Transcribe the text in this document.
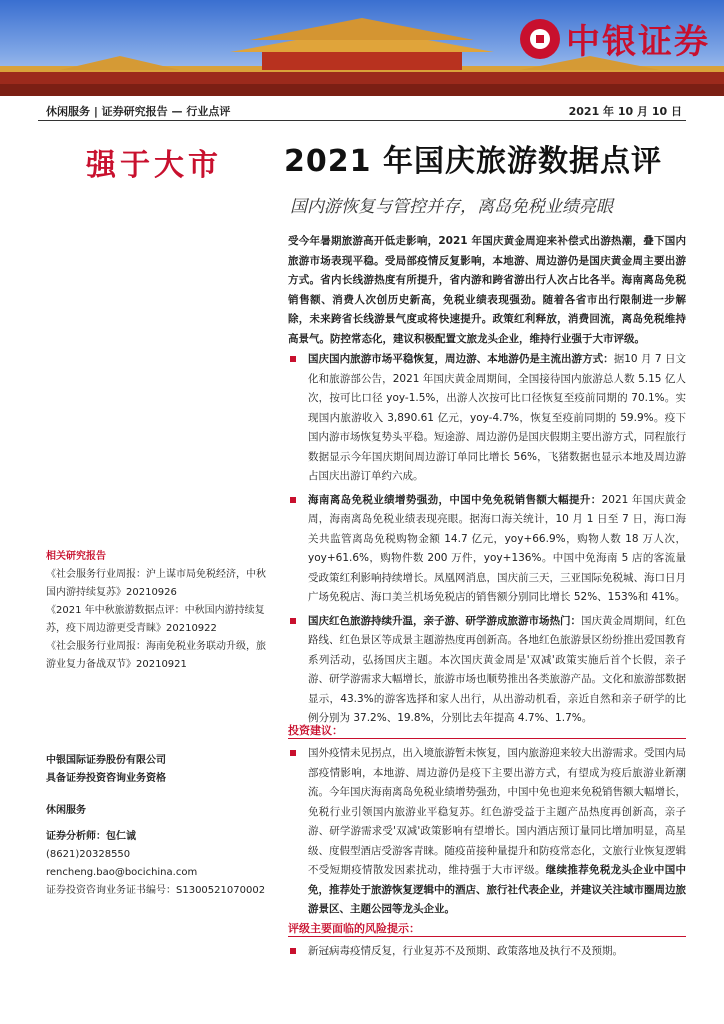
中银证券
休闲服务 | 证券研究报告 — 行业点评	2021 年 10 月 10 日
强于大市 2021 年国庆旅游数据点评
国内游恢复与管控并存，离岛免税业绩亮眼
受今年暑期旅游高开低走影响，2021 年国庆黄金周迎来补偿式出游热潮，叠下国内旅游市场表现平稳。受局部疫情反复影响，本地游、周边游仍是国庆黄金周主要出游方式。省内长线游热度有所提升，省内游和跨省游出行人次占比各半。海南离岛免税销售额、消费人次创历史新高，免税业绩表现强劲。随着各省市出行限制进一步解除，未来跨省长线游景气度或将快速提升。政策红利释放，消费回流，离岛免税维持高景气。防控常态化，建议积极配置文旅龙头企业，维持行业强于大市评级。
国庆国内旅游市场平稳恢复，周边游、本地游仍是主流出游方式：据10 月 7 日文化和旅游部公告，2021 年国庆黄金周期间，全国接待国内旅游总人数 5.15 亿人次，按可比口径 yoy-1.5%，出游人次按可比口径恢复至疫前同期的 70.1%。实现国内旅游收入 3,890.61 亿元，yoy-4.7%，恢复至疫前同期的 59.9%。疫下国内游市场恢复势头平稳。短途游、周边游仍是国庆假期主要出游方式，同程旅行数据显示今年国庆期间周边游订单同比增长 56%，飞猪数据也显示本地及周边游占国庆出游订单约六成。
海南离岛免税业绩增势强劲，中国中免免税销售额大幅提升：2021 年国庆黄金周，海南离岛免税业绩表现亮眼。据海口海关统计，10 月 1 日至 7 日，海口海关共监管离岛免税购物金额 14.7 亿元，yoy+66.9%，购物人数 18 万人次，yoy+61.6%，购物件数 200 万件，yoy+136%。中国中免海南 5 店的客流量受政策红利影响持续增长。凤凰网消息，国庆前三天，三亚国际免税城、海口日月广场免税店、海口美兰机场免税店的销售额分别同比增长 52%、153%和 41%。
国庆红色旅游持续升温，亲子游、研学游成旅游市场热门：国庆黄金周期间，红色路线、红色景区等成景主题游热度再创新高。各地红色旅游景区纷纷推出爱国教育系列活动，弘扬国庆主题。本次国庆黄金周是'双减'政策实施后首个长假，亲子游、研学游需求大幅增长，旅游市场也顺势推出各类旅游产品。文化和旅游部数据显示，43.3%的游客选择和家人出行，从出游动机看，亲近自然和亲子研学的比例分别为 37.2%、19.8%，分别比去年提高 4.7%、1.7%。
投资建议：
国外疫情未见拐点，出入境旅游暂未恢复，国内旅游迎来较大出游需求。受国内局部疫情影响，本地游、周边游仍是疫下主要出游方式，有望成为疫后旅游业新潮流。今年国庆海南离岛免税业绩增势强劲，中国中免也迎来免税销售额大幅增长，免税行业引领国内旅游业平稳复苏。红色游受益于主题产品热度再创新高，亲子游、研学游需求受'双减'政策影响有望增长。国内酒店预订量同比增加明显，高星级、度假型酒店受游客青睐。随疫苗接种量提升和防疫常态化，文旅行业恢复逻辑不受短期疫情散发因素扰动，维持强于大市评级。继续推荐免税龙头企业中国中免，推荐处于旅游恢复逻辑中的酒店、旅行社代表企业，并建议关注域市圈周边旅游景区、主题公园等龙头企业。
评级主要面临的风险提示：
新冠病毒疫情反复，行业复苏不及预期、政策落地及执行不及预期。
相关研究报告
《社会服务行业周报：沪上谋市局免税经济，中秋国内游持续复苏》20210926
《2021 年中秋旅游数据点评：中秋国内游持续复苏，疫下周边游更受青睐》20210922
《社会服务行业周报：海南免税业务联动升级，旅游业复力备战双节》20210921
中银国际证券股份有限公司
具备证券投资咨询业务资格
休闲服务
证券分析师：包仁诚
(8621)20328550
rencheng.bao@bocichina.com
证券投资咨询业务证书编号：S1300521070002
